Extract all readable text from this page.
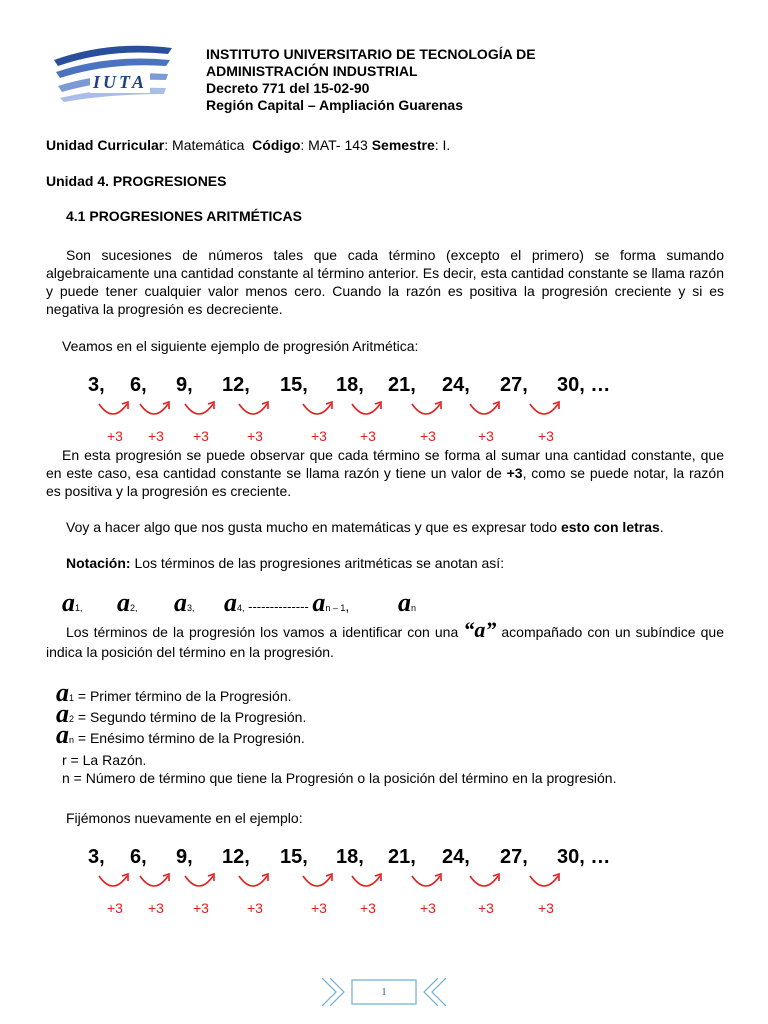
IUTA
INSTITUTO UNIVERSITARIO DE TECNOLOGÍA DE
ADMINISTRACIÓN INDUSTRIAL
Decreto 771 del 15-02-90
Región Capital – Ampliación Guarenas
Unidad Curricular: Matemática Código: MAT- 143 Semestre: I.
Unidad 4. PROGRESIONES
4.1 PROGRESIONES ARITMÉTICAS
Son sucesiones de números tales que cada término (excepto el primero) se forma sumando algebraicamente una cantidad constante al término anterior. Es decir, esta cantidad constante se llama razón y puede tener cualquier valor menos cero. Cuando la razón es positiva la progresión creciente y si es negativa la progresión es decreciente.
Veamos en el siguiente ejemplo de progresión Aritmética:
3, 6, 9, 12, 15, 18, 21, 24, 27, 30, …
+3 +3 +3	+3	+3 +3	+3	+3	+3
En esta progresión se puede observar que cada término se forma al sumar una cantidad constante, que en este caso, esa cantidad constante se llama razón y tiene un valor de +3, como se puede notar, la razón es positiva y la progresión es creciente.
Voy a hacer algo que nos gusta mucho en matemáticas y que es expresar todo esto con letras.
Notación: Los términos de las progresiones aritméticas se anotan así:
a1, a2, a3, a4, -------------- an – 1, an
Los términos de la progresión los vamos a identificar con una “a” acompañado con un subíndice que indica la posición del término en la progresión.
a1 = Primer término de la Progresión.
a2 = Segundo término de la Progresión.
an = Enésimo término de la Progresión.
r = La Razón.
n = Número de término que tiene la Progresión o la posición del término en la progresión.
Fijémonos nuevamente en el ejemplo:
3, 6, 9, 12, 15, 18, 21, 24, 27, 30, …
+3 +3 +3	+3	+3 +3	+3	+3	+3
1
